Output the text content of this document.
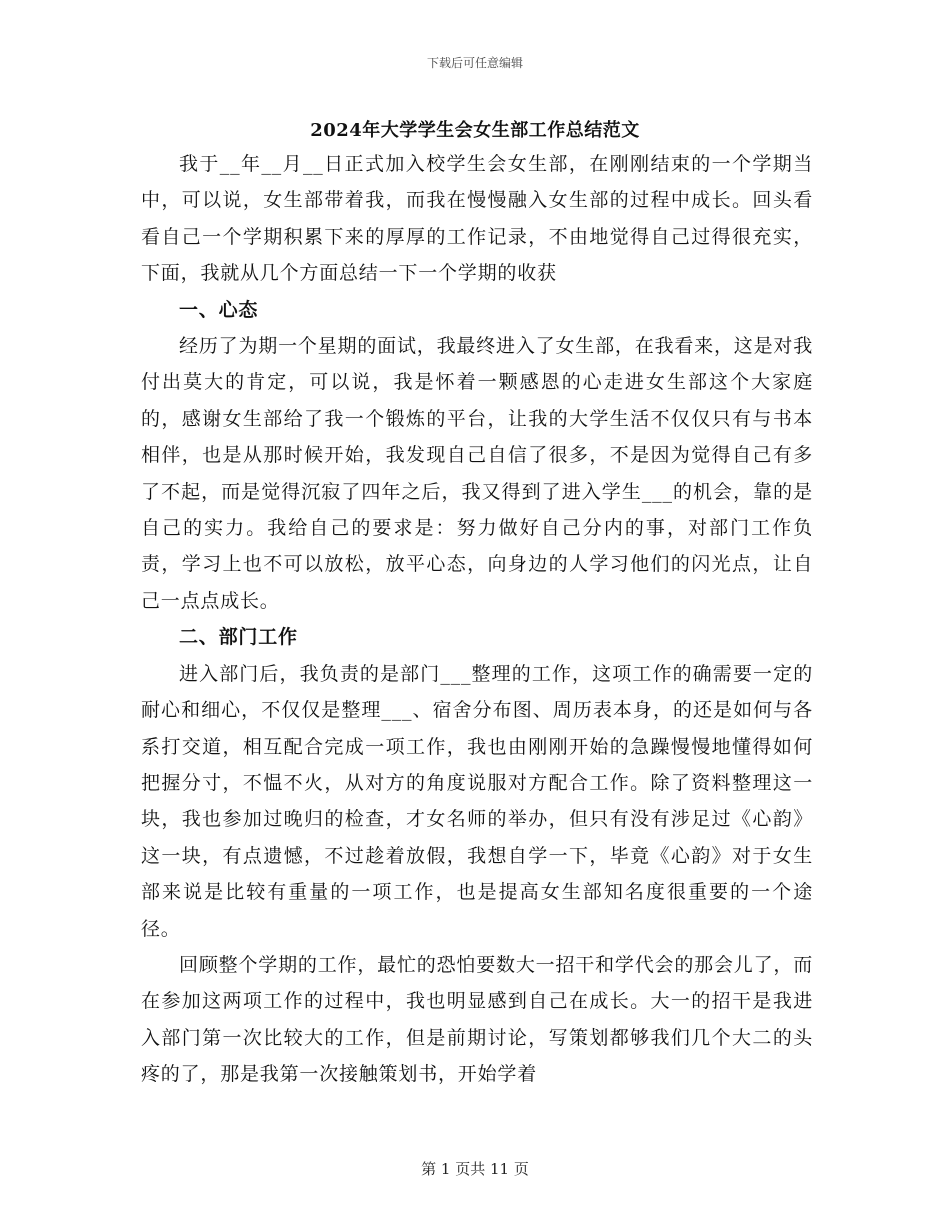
下载后可任意编辑
2024年大学学生会女生部工作总结范文

我于__年__月__日正式加入校学生会女生部，在刚刚结束的一个学期当中，可以说，女生部带着我，而我在慢慢融入女生部的过程中成长。回头看看自己一个学期积累下来的厚厚的工作记录，不由地觉得自己过得很充实，下面，我就从几个方面总结一下一个学期的收获

一、心态

经历了为期一个星期的面试，我最终进入了女生部，在我看来，这是对我付出莫大的肯定，可以说，我是怀着一颗感恩的心走进女生部这个大家庭的，感谢女生部给了我一个锻炼的平台，让我的大学生活不仅仅只有与书本相伴，也是从那时候开始，我发现自己自信了很多，不是因为觉得自己有多了不起，而是觉得沉寂了四年之后，我又得到了进入学生___的机会，靠的是自己的实力。我给自己的要求是：努力做好自己分内的事，对部门工作负责，学习上也不可以放松，放平心态，向身边的人学习他们的闪光点，让自己一点点成长。

二、部门工作

进入部门后，我负责的是部门___整理的工作，这项工作的确需要一定的耐心和细心，不仅仅是整理___、宿舍分布图、周历表本身，的还是如何与各系打交道，相互配合完成一项工作，我也由刚刚开始的急躁慢慢地懂得如何把握分寸，不愠不火，从对方的角度说服对方配合工作。除了资料整理这一块，我也参加过晚归的检查，才女名师的举办，但只有没有涉足过《心韵》这一块，有点遗憾，不过趁着放假，我想自学一下，毕竟《心韵》对于女生部来说是比较有重量的一项工作，也是提高女生部知名度很重要的一个途径。

回顾整个学期的工作，最忙的恐怕要数大一招干和学代会的那会儿了，而在参加这两项工作的过程中，我也明显感到自己在成长。大一的招干是我进入部门第一次比较大的工作，但是前期讨论，写策划都够我们几个大二的头疼的了，那是我第一次接触策划书，开始学着

第 1 页共 11 页
